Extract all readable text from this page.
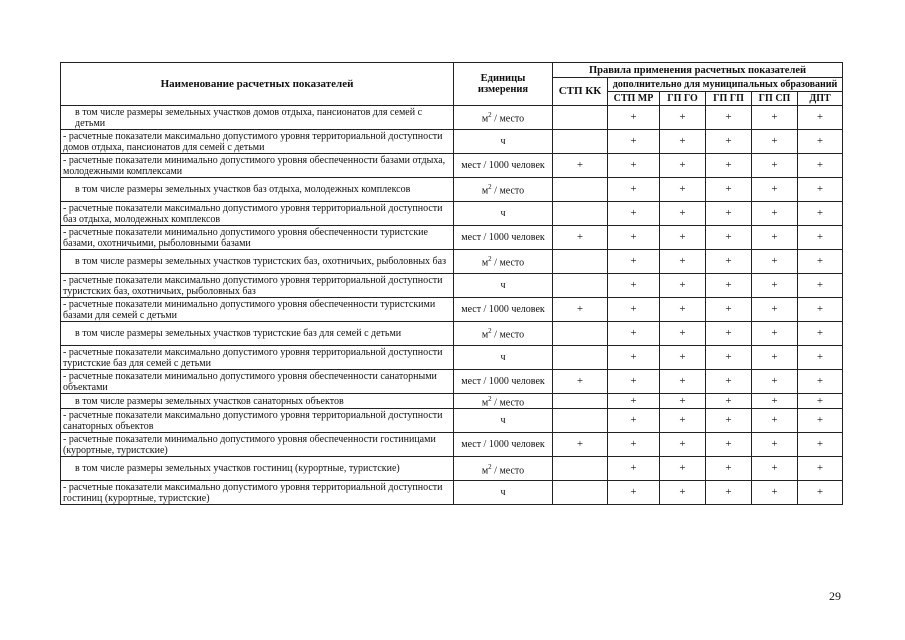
Наименование расчетных показателей	Единицы измерения	Правила применения расчетных показателей					
		СТП КК	дополнительно для муниципальных образований				
			СТП МР	ГП ГО	ГП ГП	ГП СП	ДПТ
в том числе размеры земельных участков домов отдыха, пансионатов для семей с детьми	$м^2$ / место		+	+	+	+	+
- расчетные показатели максимально допустимого уровня территориальной доступности домов отдыха, пансионатов для семей с детьми	ч		+	+	+	+	+
- расчетные показатели минимально допустимого уровня обеспеченности базами отдыха, молодежными комплексами	мест / 1000 человек	+	+	+	+	+	+
в том числе размеры земельных участков баз отдыха, молодежных комплексов	$м^2$ / место		+	+	+	+	+
- расчетные показатели максимально допустимого уровня территориальной доступности баз отдыха, молодежных комплексов	ч		+	+	+	+	+
- расчетные показатели минимально допустимого уровня обеспеченности туристские базами, охотничьими, рыболовными базами	мест / 1000 человек	+	+	+	+	+	+
в том числе размеры земельных участков туристских баз, охотничьих, рыболовных баз	$м^2$ / место		+	+	+	+	+
- расчетные показатели максимально допустимого уровня территориальной доступности туристских баз, охотничьих, рыболовных баз	ч		+	+	+	+	+
- расчетные показатели минимально допустимого уровня обеспеченности туристскими базами для семей с детьми	мест / 1000 человек	+	+	+	+	+	+
в том числе размеры земельных участков туристские баз для семей с детьми	$м^2$ / место		+	+	+	+	+
- расчетные показатели максимально допустимого уровня территориальной доступности туристские баз для семей с детьми	ч		+	+	+	+	+
- расчетные показатели минимально допустимого уровня обеспеченности санаторными объектами	мест / 1000 человек	+	+	+	+	+	+
в том числе размеры земельных участков санаторных объектов	$м^2$ / место		+	+	+	+	+
- расчетные показатели максимально допустимого уровня территориальной доступности санаторных объектов	ч		+	+	+	+	+
- расчетные показатели минимально допустимого уровня обеспеченности гостиницами (курортные, туристские)	мест / 1000 человек	+	+	+	+	+	+
в том числе размеры земельных участков гостиниц (курортные, туристские)	$м^2$ / место		+	+	+	+	+
- расчетные показатели максимально допустимого уровня территориальной доступности гостиниц (курортные, туристские)	ч		+	+	+	+	+
29
